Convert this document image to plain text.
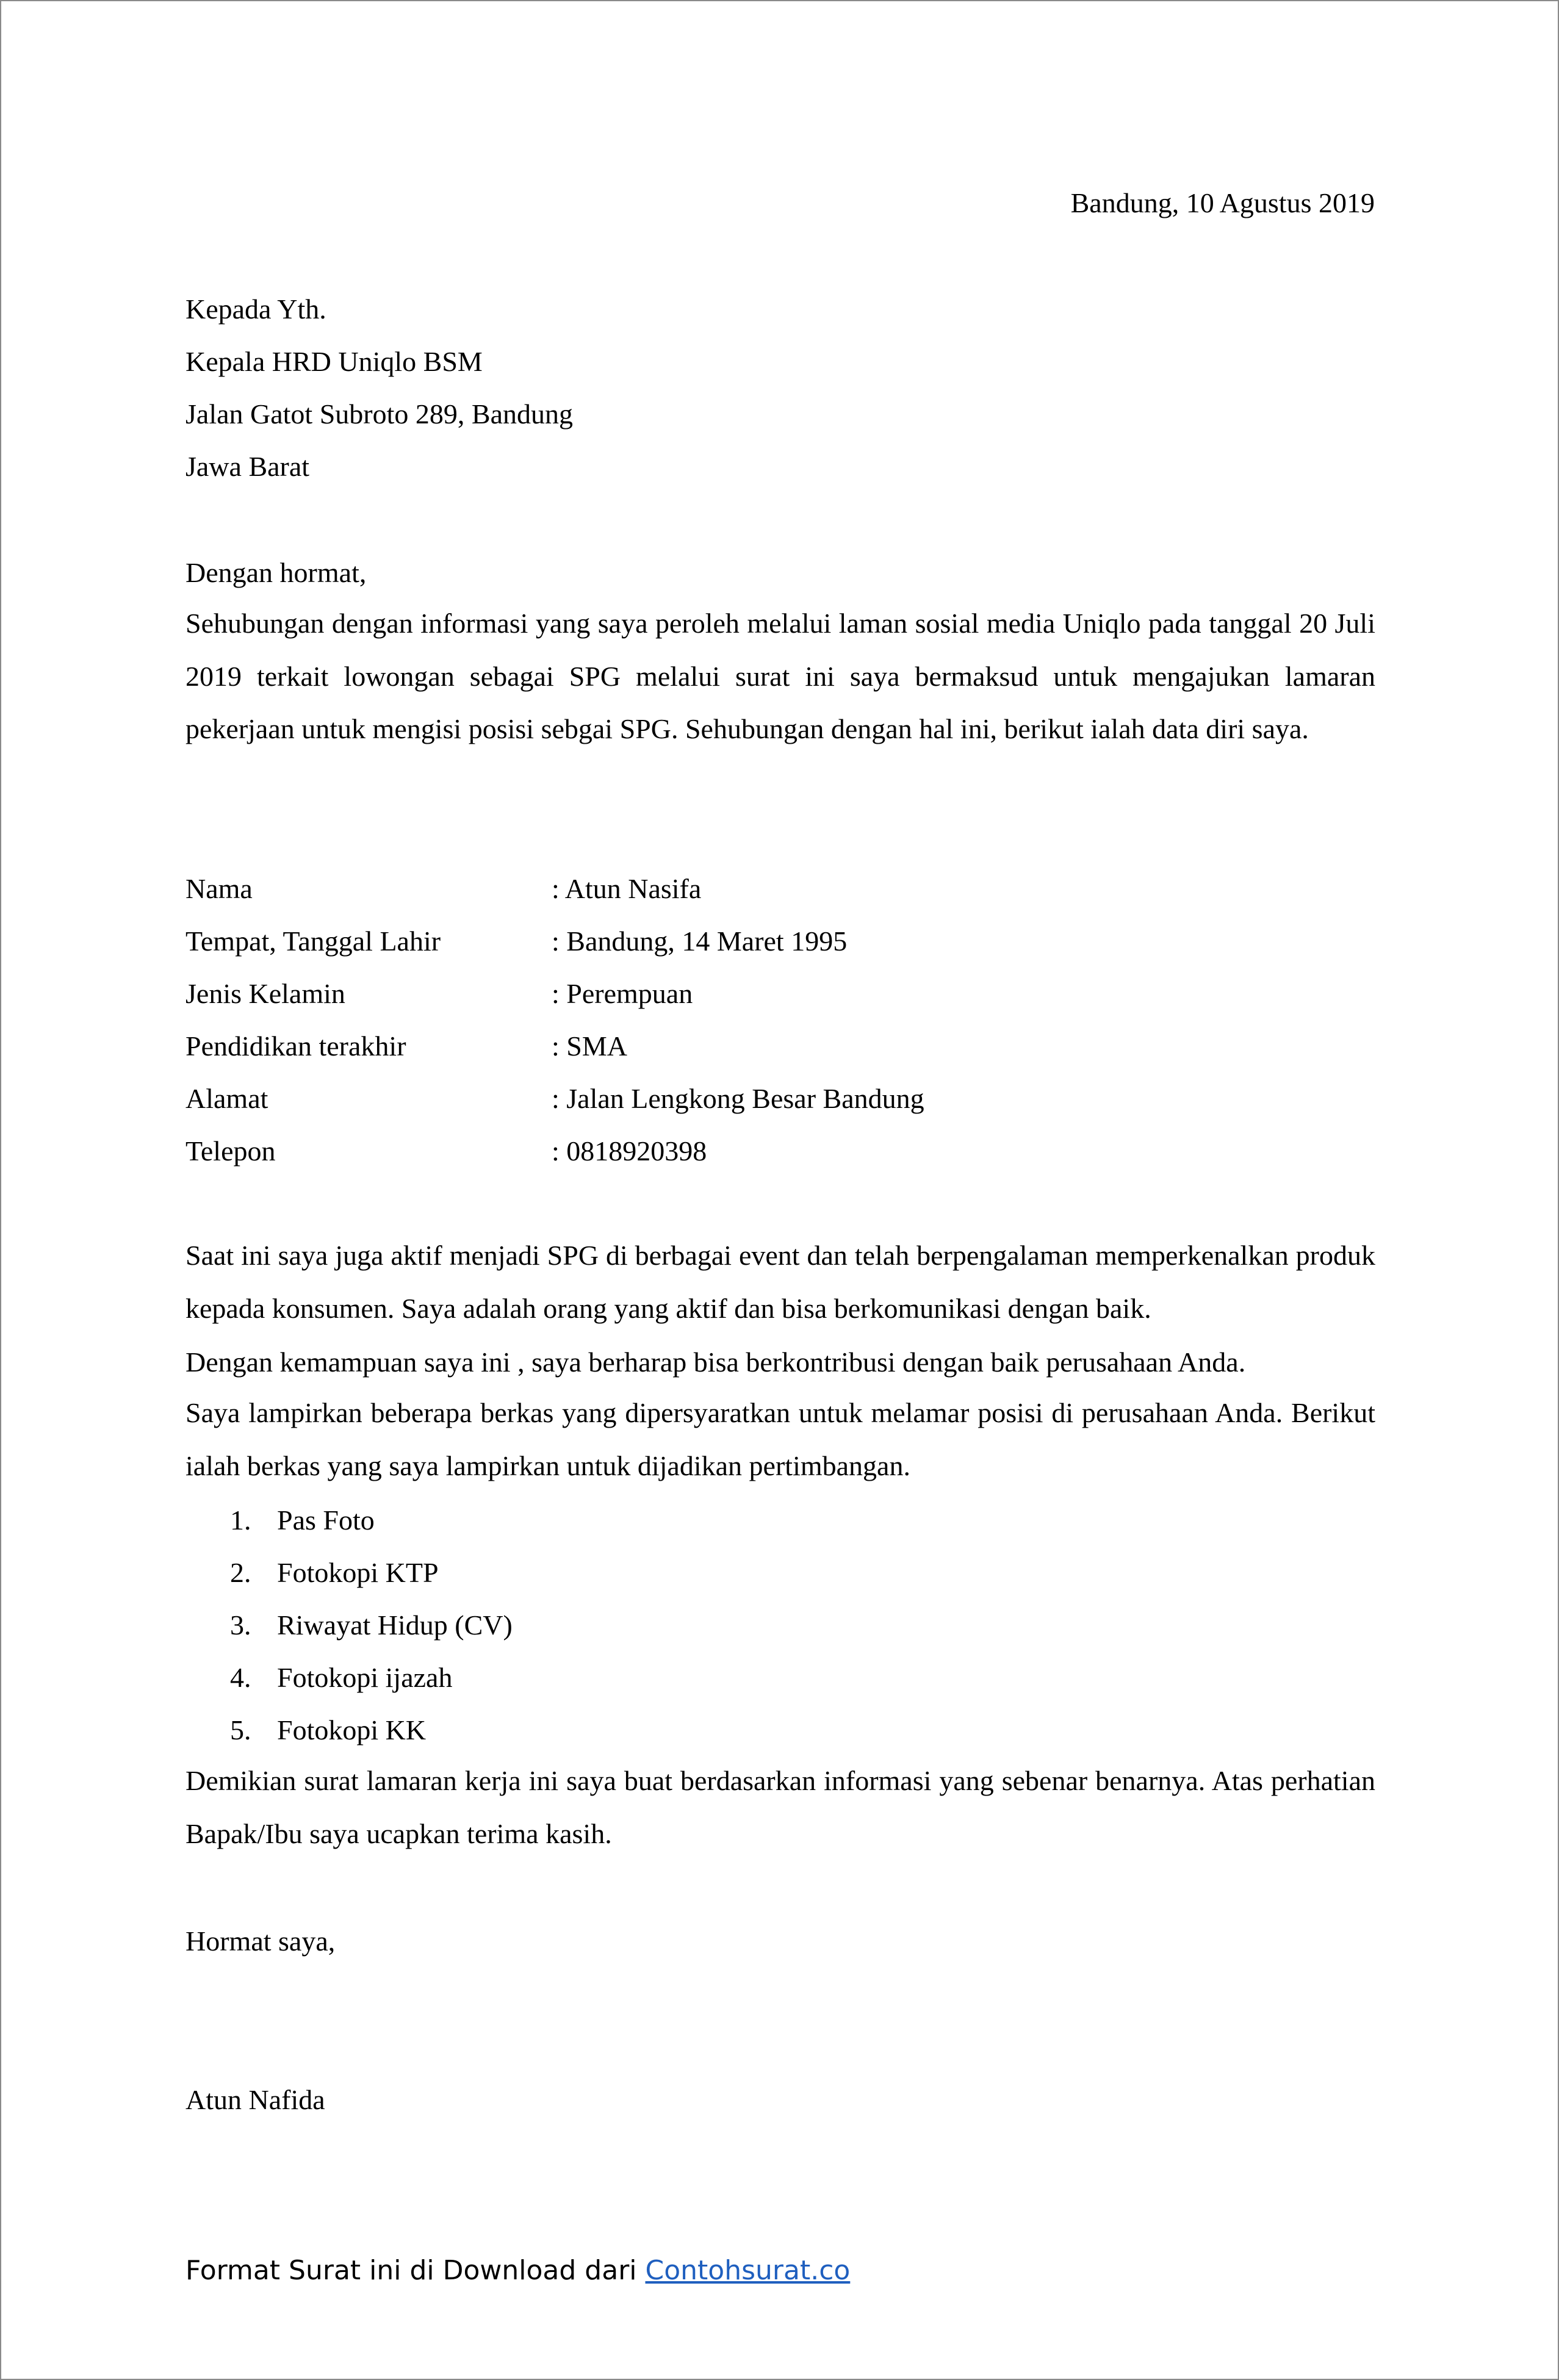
Bandung, 10 Agustus 2019
Kepada Yth.
Kepala HRD Uniqlo BSM
Jalan Gatot Subroto 289, Bandung
Jawa Barat
Dengan hormat,
Sehubungan dengan informasi yang saya peroleh melalui laman sosial media Uniqlo pada tanggal 20 Juli 2019 terkait lowongan sebagai SPG melalui surat ini saya bermaksud untuk mengajukan lamaran pekerjaan untuk mengisi posisi sebgai SPG. Sehubungan dengan hal ini, berikut ialah data diri saya.
Nama	: Atun Nasifa
Tempat, Tanggal Lahir	: Bandung, 14 Maret 1995
Jenis Kelamin	: Perempuan
Pendidikan terakhir	: SMA
Alamat	: Jalan Lengkong Besar Bandung
Telepon	: 0818920398
Saat ini saya juga aktif menjadi SPG di berbagai event dan telah berpengalaman memperkenalkan produk kepada konsumen. Saya adalah orang yang aktif dan bisa berkomunikasi dengan baik.
Dengan kemampuan saya ini , saya berharap bisa berkontribusi dengan baik perusahaan Anda.
Saya lampirkan beberapa berkas yang dipersyaratkan untuk melamar posisi di perusahaan Anda. Berikut ialah berkas yang saya lampirkan untuk dijadikan pertimbangan.
1. Pas Foto
2. Fotokopi KTP
3. Riwayat Hidup (CV)
4. Fotokopi ijazah
5. Fotokopi KK
Demikian surat lamaran kerja ini saya buat berdasarkan informasi yang sebenar benarnya. Atas perhatian Bapak/Ibu saya ucapkan terima kasih.
Hormat saya,
Atun Nafida
Format Surat ini di Download dari Contohsurat.co
